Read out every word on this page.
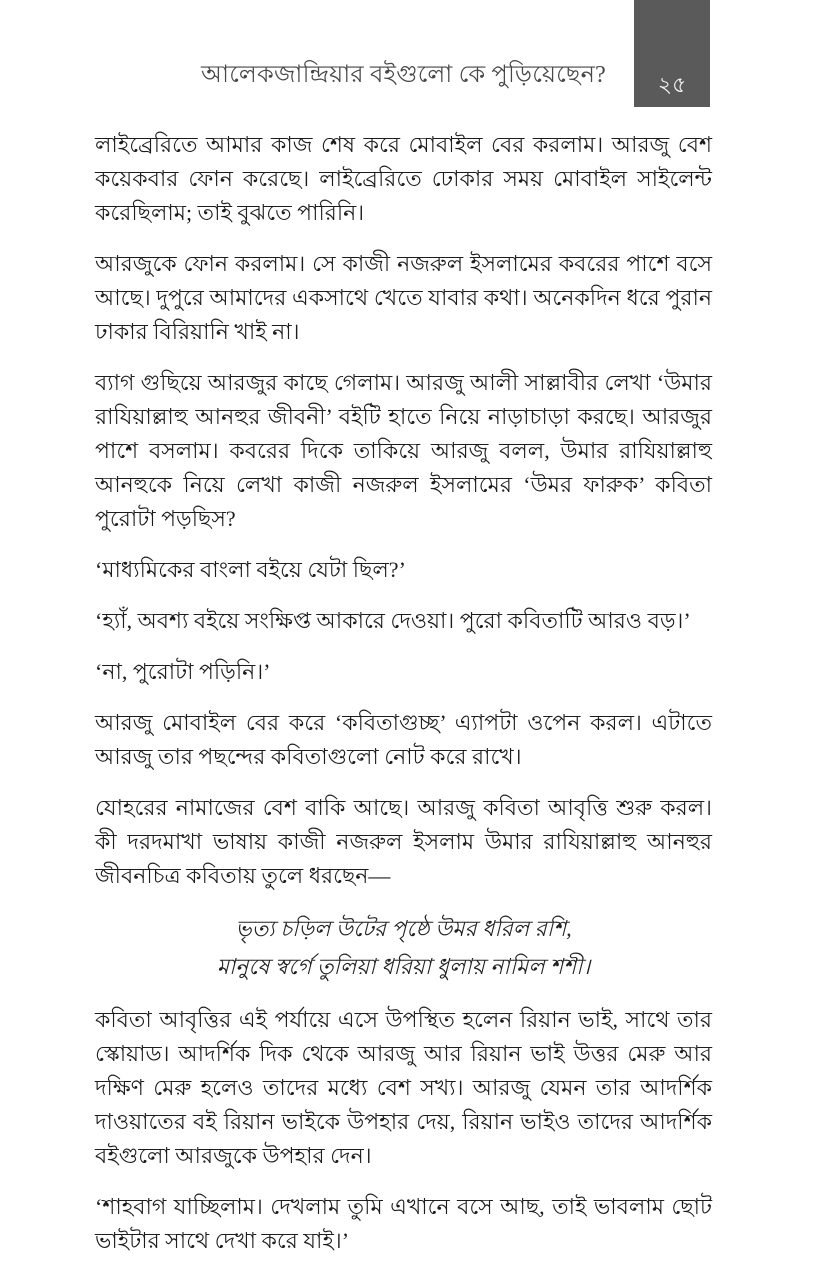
আলেকজান্দ্রিয়ার বইগুলো কে পুড়িয়েছেন?	২৫

লাইব্রেরিতে আমার কাজ শেষ করে মোবাইল বের করলাম। আরজু বেশ কয়েকবার ফোন করেছে। লাইব্রেরিতে ঢোকার সময় মোবাইল সাইলেন্ট করেছিলাম; তাই বুঝতে পারিনি।

আরজুকে ফোন করলাম। সে কাজী নজরুল ইসলামের কবরের পাশে বসে আছে। দুপুরে আমাদের একসাথে খেতে যাবার কথা। অনেকদিন ধরে পুরান ঢাকার বিরিয়ানি খাই না।

ব্যাগ গুছিয়ে আরজুর কাছে গেলাম। আরজু আলী সাল্লাবীর লেখা ‘উমার রাযিয়াল্লাহু আনহুর জীবনী’ বইটি হাতে নিয়ে নাড়াচাড়া করছে। আরজুর পাশে বসলাম। কবরের দিকে তাকিয়ে আরজু বলল, উমার রাযিয়াল্লাহু আনহুকে নিয়ে লেখা কাজী নজরুল ইসলামের ‘উমর ফারুক’ কবিতা পুরোটা পড়ছিস?

‘মাধ্যমিকের বাংলা বইয়ে যেটা ছিল?’

‘হ্যাঁ, অবশ্য বইয়ে সংক্ষিপ্ত আকারে দেওয়া। পুরো কবিতাটি আরও বড়।’

‘না, পুরোটা পড়িনি।’

আরজু মোবাইল বের করে ‘কবিতাগুচ্ছ’ এ্যাপটা ওপেন করল। এটাতে আরজু তার পছন্দের কবিতাগুলো নোট করে রাখে।

যোহরের নামাজের বেশ বাকি আছে। আরজু কবিতা আবৃত্তি শুরু করল। কী দরদমাখা ভাষায় কাজী নজরুল ইসলাম উমার রাযিয়াল্লাহু আনহুর জীবনচিত্র কবিতায় তুলে ধরছেন—

ভৃত্য চড়িল উটের পৃষ্ঠে উমর ধরিল রশি,
মানুষে স্বর্গে তুলিয়া ধরিয়া ধুলায় নামিল শশী।

কবিতা আবৃত্তির এই পর্যায়ে এসে উপস্থিত হলেন রিয়ান ভাই, সাথে তার স্কোয়াড। আদর্শিক দিক থেকে আরজু আর রিয়ান ভাই উত্তর মেরু আর দক্ষিণ মেরু হলেও তাদের মধ্যে বেশ সখ্য। আরজু যেমন তার আদর্শিক দাওয়াতের বই রিয়ান ভাইকে উপহার দেয়, রিয়ান ভাইও তাদের আদর্শিক বইগুলো আরজুকে উপহার দেন।

‘শাহবাগ যাচ্ছিলাম। দেখলাম তুমি এখানে বসে আছ, তাই ভাবলাম ছোট ভাইটার সাথে দেখা করে যাই।’
